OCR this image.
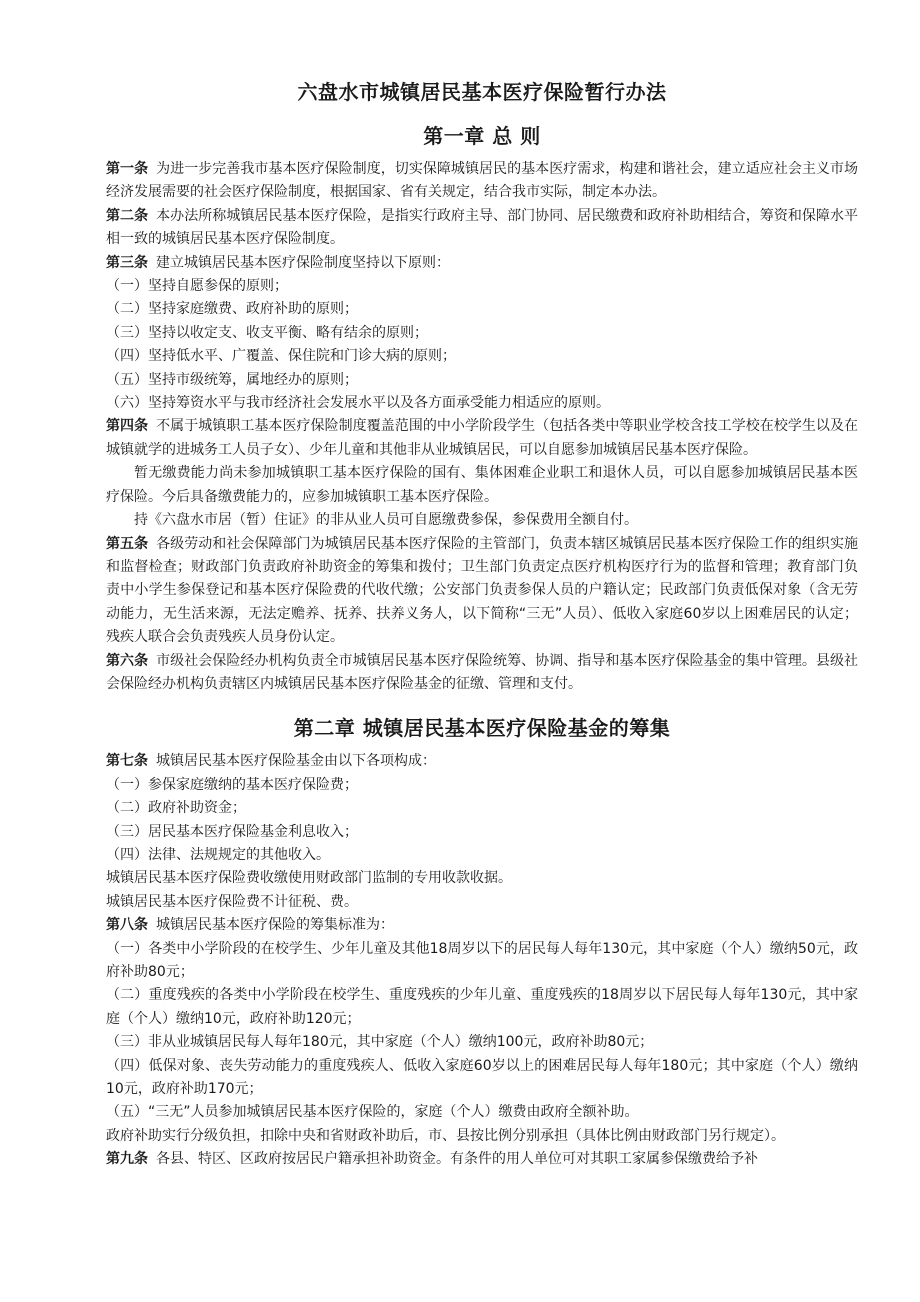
六盘水市城镇居民基本医疗保险暂行办法
第一章 总 则

第一条 为进一步完善我市基本医疗保险制度，切实保障城镇居民的基本医疗需求，构建和谐社会，建立适应社会主义市场经济发展需要的社会医疗保险制度，根据国家、省有关规定，结合我市实际，制定本办法。

第二条 本办法所称城镇居民基本医疗保险，是指实行政府主导、部门协同、居民缴费和政府补助相结合，筹资和保障水平相一致的城镇居民基本医疗保险制度。

第三条 建立城镇居民基本医疗保险制度坚持以下原则：

（一）坚持自愿参保的原则；

（二）坚持家庭缴费、政府补助的原则；

（三）坚持以收定支、收支平衡、略有结余的原则；

（四）坚持低水平、广覆盖、保住院和门诊大病的原则；

（五）坚持市级统筹，属地经办的原则；

（六）坚持筹资水平与我市经济社会发展水平以及各方面承受能力相适应的原则。

第四条 不属于城镇职工基本医疗保险制度覆盖范围的中小学阶段学生（包括各类中等职业学校含技工学校在校学生以及在城镇就学的进城务工人员子女）、少年儿童和其他非从业城镇居民，可以自愿参加城镇居民基本医疗保险。

暂无缴费能力尚未参加城镇职工基本医疗保险的国有、集体困难企业职工和退休人员，可以自愿参加城镇居民基本医疗保险。今后具备缴费能力的，应参加城镇职工基本医疗保险。

持《六盘水市居（暂）住证》的非从业人员可自愿缴费参保，参保费用全额自付。

第五条 各级劳动和社会保障部门为城镇居民基本医疗保险的主管部门，负责本辖区城镇居民基本医疗保险工作的组织实施和监督检查；财政部门负责政府补助资金的筹集和拨付；卫生部门负责定点医疗机构医疗行为的监督和管理；教育部门负责中小学生参保登记和基本医疗保险费的代收代缴；公安部门负责参保人员的户籍认定；民政部门负责低保对象（含无劳动能力，无生活来源，无法定赡养、抚养、扶养义务人，以下简称“三无”人员）、低收入家庭60岁以上困难居民的认定；残疾人联合会负责残疾人员身份认定。

第六条 市级社会保险经办机构负责全市城镇居民基本医疗保险统筹、协调、指导和基本医疗保险基金的集中管理。县级社会保险经办机构负责辖区内城镇居民基本医疗保险基金的征缴、管理和支付。

第二章 城镇居民基本医疗保险基金的筹集

第七条 城镇居民基本医疗保险基金由以下各项构成：

（一）参保家庭缴纳的基本医疗保险费；

（二）政府补助资金；

（三）居民基本医疗保险基金利息收入；

（四）法律、法规规定的其他收入。

城镇居民基本医疗保险费收缴使用财政部门监制的专用收款收据。

城镇居民基本医疗保险费不计征税、费。

第八条 城镇居民基本医疗保险的筹集标准为：

（一）各类中小学阶段的在校学生、少年儿童及其他18周岁以下的居民每人每年130元，其中家庭（个人）缴纳50元，政府补助80元；

（二）重度残疾的各类中小学阶段在校学生、重度残疾的少年儿童、重度残疾的18周岁以下居民每人每年130元，其中家庭（个人）缴纳10元，政府补助120元；

（三）非从业城镇居民每人每年180元，其中家庭（个人）缴纳100元，政府补助80元；

（四）低保对象、丧失劳动能力的重度残疾人、低收入家庭60岁以上的困难居民每人每年180元；其中家庭（个人）缴纳10元，政府补助170元；

（五）“三无”人员参加城镇居民基本医疗保险的，家庭（个人）缴费由政府全额补助。

政府补助实行分级负担，扣除中央和省财政补助后，市、县按比例分别承担（具体比例由财政部门另行规定）。

第九条 各县、特区、区政府按居民户籍承担补助资金。有条件的用人单位可对其职工家属参保缴费给予补
